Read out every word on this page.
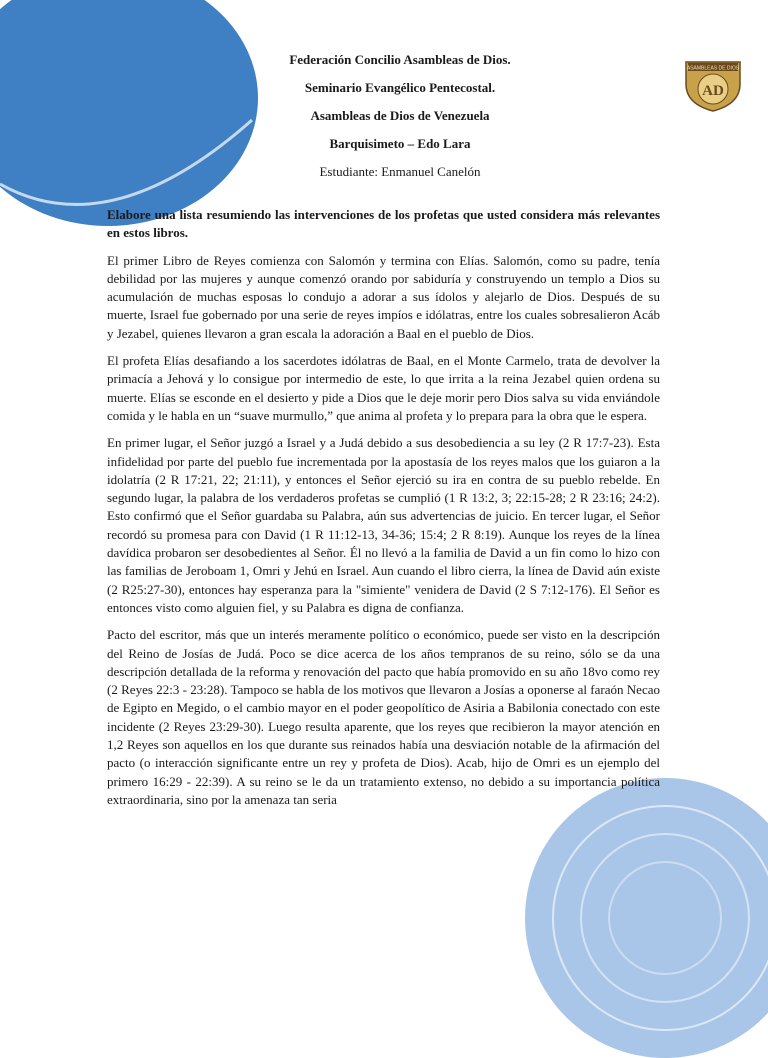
ASAMBLEAS DE DIOS
AD
Federación Concilio Asambleas de Dios.
Seminario Evangélico Pentecostal.
Asambleas de Dios de Venezuela
Barquisimeto – Edo Lara
Estudiante: Enmanuel Canelón

Elabore una lista resumiendo las intervenciones de los profetas que usted considera más relevantes en estos libros.

El primer Libro de Reyes comienza con Salomón y termina con Elías. Salomón, como su padre, tenía debilidad por las mujeres y aunque comenzó orando por sabiduría y construyendo un templo a Dios su acumulación de muchas esposas lo condujo a adorar a sus ídolos y alejarlo de Dios. Después de su muerte, Israel fue gobernado por una serie de reyes impíos e idólatras, entre los cuales sobresalieron Acáb y Jezabel, quienes llevaron a gran escala la adoración a Baal en el pueblo de Dios.

El profeta Elías desafiando a los sacerdotes idólatras de Baal, en el Monte Carmelo, trata de devolver la primacía a Jehová y lo consigue por intermedio de este, lo que irrita a la reina Jezabel quien ordena su muerte. Elías se esconde en el desierto y pide a Dios que le deje morir pero Dios salva su vida enviándole comida y le habla en un “suave murmullo,” que anima al profeta y lo prepara para la obra que le espera.

En primer lugar, el Señor juzgó a Israel y a Judá debido a sus desobediencia a su ley (2 R 17:7-23). Esta infidelidad por parte del pueblo fue incrementada por la apostasía de los reyes malos que los guiaron a la idolatría (2 R 17:21, 22; 21:11), y entonces el Señor ejerció su ira en contra de su pueblo rebelde. En segundo lugar, la palabra de los verdaderos profetas se cumplió (1 R 13:2, 3; 22:15-28; 2 R 23:16; 24:2). Esto confirmó que el Señor guardaba su Palabra, aún sus advertencias de juicio. En tercer lugar, el Señor recordó su promesa para con David (1 R 11:12-13, 34-36; 15:4; 2 R 8:19). Aunque los reyes de la línea davídica probaron ser desobedientes al Señor. Él no llevó a la familia de David a un fin como lo hizo con las familias de Jeroboam 1, Omri y Jehú en Israel. Aun cuando el libro cierra, la línea de David aún existe (2 R25:27-30), entonces hay esperanza para la "simiente" venidera de David (2 S 7:12-176). El Señor es entonces visto como alguien fiel, y su Palabra es digna de confianza.

Pacto del escritor, más que un interés meramente político o económico, puede ser visto en la descripción del Reino de Josías de Judá. Poco se dice acerca de los años tempranos de su reino, sólo se da una descripción detallada de la reforma y renovación del pacto que había promovido en su año 18vo como rey (2 Reyes 22:3 - 23:28). Tampoco se habla de los motivos que llevaron a Josías a oponerse al faraón Necao de Egipto en Megido, o el cambio mayor en el poder geopolítico de Asiria a Babilonia conectado con este incidente (2 Reyes 23:29-30). Luego resulta aparente, que los reyes que recibieron la mayor atención en 1,2 Reyes son aquellos en los que durante sus reinados había una desviación notable de la afirmación del pacto (o interacción significante entre un rey y profeta de Dios). Acab, hijo de Omri es un ejemplo del primero 16:29 - 22:39). A su reino se le da un tratamiento extenso, no debido a su importancia política extraordinaria, sino por la amenaza tan seria
